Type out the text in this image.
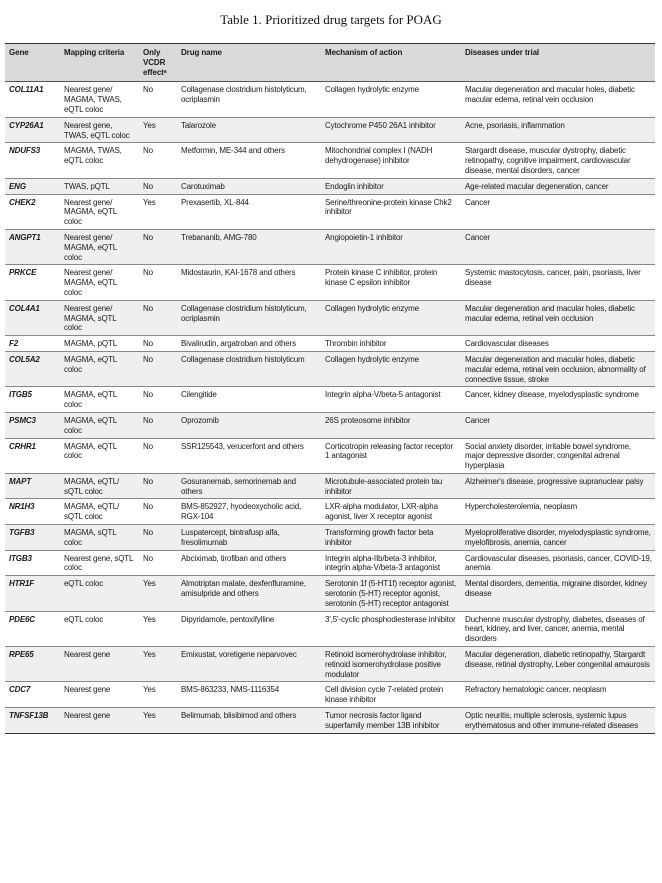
Table 1. Prioritized drug targets for POAG
Gene	Mapping criteria	Only VCDR effect$^a$	Drug name	Mechanism of action	Diseases under trial
COL11A1	Nearest gene/ MAGMA, TWAS, eQTL coloc	No	Collagenase clostridium histolyticum, ocriplasmin	Collagen hydrolytic enzyme	Macular degeneration and macular holes, diabetic macular edema, retinal vein occlusion
CYP26A1	Nearest gene, TWAS, eQTL coloc	Yes	Talarozole	Cytochrome P450 26A1 inhibitor	Acne, psoriasis, inflammation
NDUFS3	MAGMA, TWAS, eQTL coloc	No	Metformin, ME-344 and others	Mitochondrial complex I (NADH dehydrogenase) inhibitor	Stargardt disease, muscular dystrophy, diabetic retinopathy, cognitive impairment, cardiovascular disease, mental disorders, cancer
ENG	TWAS, pQTL	No	Carotuximab	Endoglin inhibitor	Age-related macular degeneration, cancer
CHEK2	Nearest gene/ MAGMA, eQTL coloc	Yes	Prexasertib, XL-844	Serine/threonine-protein kinase Chk2 inhibitor	Cancer
ANGPT1	Nearest gene/ MAGMA, eQTL coloc	No	Trebananib, AMG-780	Angiopoietin-1 inhibitor	Cancer
PRKCE	Nearest gene/ MAGMA, eQTL coloc	No	Midostaurin, KAI-1678 and others	Protein kinase C inhibitor, protein kinase C epsilon inhibitor	Systemic mastocytosis, cancer, pain, psoriasis, liver disease
COL4A1	Nearest gene/ MAGMA, sQTL coloc	No	Collagenase clostridium histolyticum, ocriplasmin	Collagen hydrolytic enzyme	Macular degeneration and macular holes, diabetic macular edema, retinal vein occlusion
F2	MAGMA, pQTL	No	Bivalirudin, argatroban and others	Thrombin inhibitor	Cardiovascular diseases
COL5A2	MAGMA, eQTL coloc	No	Collagenase clostridium histolyticum	Collagen hydrolytic enzyme	Macular degeneration and macular holes, diabetic macular edema, retinal vein occlusion, abnormality of connective tissue, stroke
ITGB5	MAGMA, eQTL coloc	No	Cilengitide	Integrin alpha-V/beta-5 antagonist	Cancer, kidney disease, myelodysplastic syndrome
PSMC3	MAGMA, eQTL coloc	No	Oprozomib	26S proteosome inhibitor	Cancer
CRHR1	MAGMA, eQTL coloc	No	SSR125543, verucerfont and others	Corticotropin releasing factor receptor 1 antagonist	Social anxiety disorder, irritable bowel syndrome, major depressive disorder, congenital adrenal hyperplasia
MAPT	MAGMA, eQTL/ sQTL coloc	No	Gosuranemab, semorinemab and others	Microtubule-associated protein tau inhibitor	Alzheimer's disease, progressive supranuclear palsy
NR1H3	MAGMA, eQTL/ sQTL coloc	No	BMS-852927, hyodeoxycholic acid, RGX-104	LXR-alpha modulator, LXR-alpha agonist, liver X receptor agonist	Hypercholesterolemia, neoplasm
TGFB3	MAGMA, sQTL coloc	No	Luspatercept, bintrafusp alfa, fresolimumab	Transforming growth factor beta inhibitor	Myeloproliferative disorder, myelodysplastic syndrome, myelofibrosis, anemia, cancer
ITGB3	Nearest gene, sQTL coloc	No	Abciximab, tirofiban and others	Integrin alpha-IIb/beta-3 inhibitor, integrin alpha-V/beta-3 antagonist	Cardiovascular diseases, psoriasis, cancer, COVID-19, anemia
HTR1F	eQTL coloc	Yes	Almotriptan malate, dexfenfluramine, amisulpride and others	Serotonin 1f (5-HT1f) receptor agonist, serotonin (5-HT) receptor agonist, serotonin (5-HT) receptor antagonist	Mental disorders, dementia, migraine disorder, kidney disease
PDE6C	eQTL coloc	Yes	Dipyridamole, pentoxifylline	3',5'-cyclic phosphodiesterase inhibitor	Duchenne muscular dystrophy, diabetes, diseases of heart, kidney, and liver, cancer, anemia, mental disorders
RPE65	Nearest gene	Yes	Emixustat, voretigene neparvovec	Retinoid isomerohydrolase inhibitor, retinoid isomerohydrolase positive modulator	Macular degeneration, diabetic retinopathy, Stargardt disease, retinal dystrophy, Leber congenital amaurosis
CDC7	Nearest gene	Yes	BMS-863233, NMS-1116354	Cell division cycle 7-related protein kinase inhibitor	Refractory hematologic cancer, neoplasm
TNFSF13B	Nearest gene	Yes	Belimumab, blisibimod and others	Tumor necrosis factor ligand superfamily member 13B inhibitor	Optic neuritis, multiple sclerosis, systemic lupus erythematosus and other immune-related diseases
